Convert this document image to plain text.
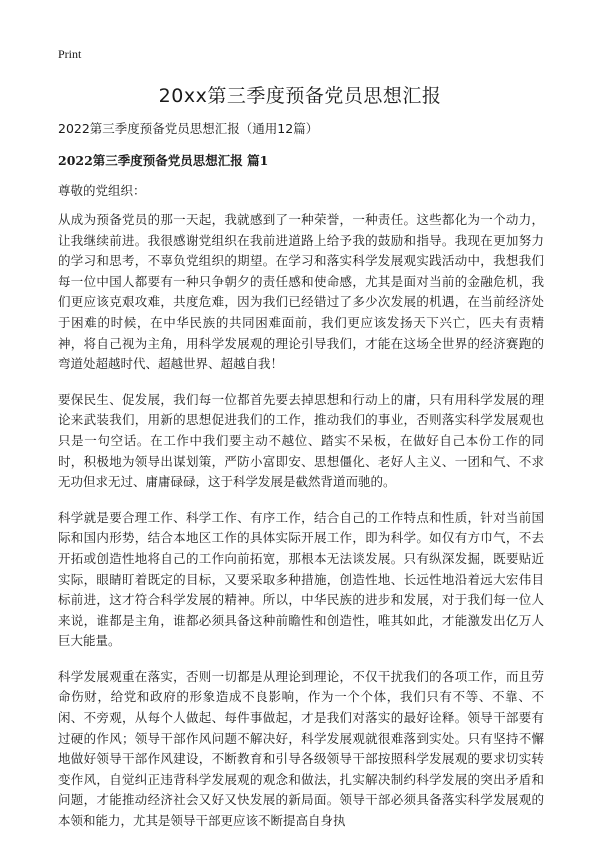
Print
20xx第三季度预备党员思想汇报
2022第三季度预备党员思想汇报（通用12篇）
2022第三季度预备党员思想汇报 篇1
尊敬的党组织：

从成为预备党员的那一天起，我就感到了一种荣誉，一种责任。这些都化为一个动力，让我继续前进。我很感谢党组织在我前进道路上给予我的鼓励和指导。我现在更加努力的学习和思考，不辜负党组织的期望。在学习和落实科学发展观实践活动中，我想我们每一位中国人都要有一种只争朝夕的责任感和使命感，尤其是面对当前的金融危机，我们更应该克艰攻难，共度危难，因为我们已经错过了多少次发展的机遇，在当前经济处于困难的时候，在中华民族的共同困难面前，我们更应该发扬天下兴亡，匹夫有责精神，将自己视为主角，用科学发展观的理论引导我们，才能在这场全世界的经济赛跑的弯道处超越时代、超越世界、超越自我！

要保民生、促发展，我们每一位都首先要去掉思想和行动上的庸，只有用科学发展的理论来武装我们，用新的思想促进我们的工作，推动我们的事业，否则落实科学发展观也只是一句空话。在工作中我们要主动不越位、踏实不呆板，在做好自己本份工作的同时，积极地为领导出谋划策，严防小富即安、思想僵化、老好人主义、一团和气、不求无功但求无过、庸庸碌碌，这于科学发展是截然背道而驰的。

科学就是要合理工作、科学工作、有序工作，结合自己的工作特点和性质，针对当前国际和国内形势，结合本地区工作的具体实际开展工作，即为科学。如仅有方巾气，不去开拓或创造性地将自己的工作向前拓宽，那根本无法谈发展。只有纵深发掘，既要贴近实际，眼睛盯着既定的目标，又要采取多种措施，创造性地、长远性地沿着远大宏伟目标前进，这才符合科学发展的精神。所以，中华民族的进步和发展，对于我们每一位人来说，谁都是主角，谁都必须具备这种前瞻性和创造性，唯其如此，才能激发出亿万人巨大能量。

科学发展观重在落实，否则一切都是从理论到理论，不仅干扰我们的各项工作，而且劳命伤财，给党和政府的形象造成不良影响，作为一个个体，我们只有不等、不靠、不闲、不旁观，从每个人做起、每件事做起，才是我们对落实的最好诠释。领导干部要有过硬的作风；领导干部作风问题不解决好，科学发展观就很难落到实处。只有坚持不懈地做好领导干部作风建设，不断教育和引导各级领导干部按照科学发展观的要求切实转变作风，自觉纠正违背科学发展观的观念和做法，扎实解决制约科学发展的突出矛盾和问题，才能推动经济社会又好又快发展的新局面。领导干部必须具备落实科学发展观的本领和能力，尤其是领导干部更应该不断提高自身执
